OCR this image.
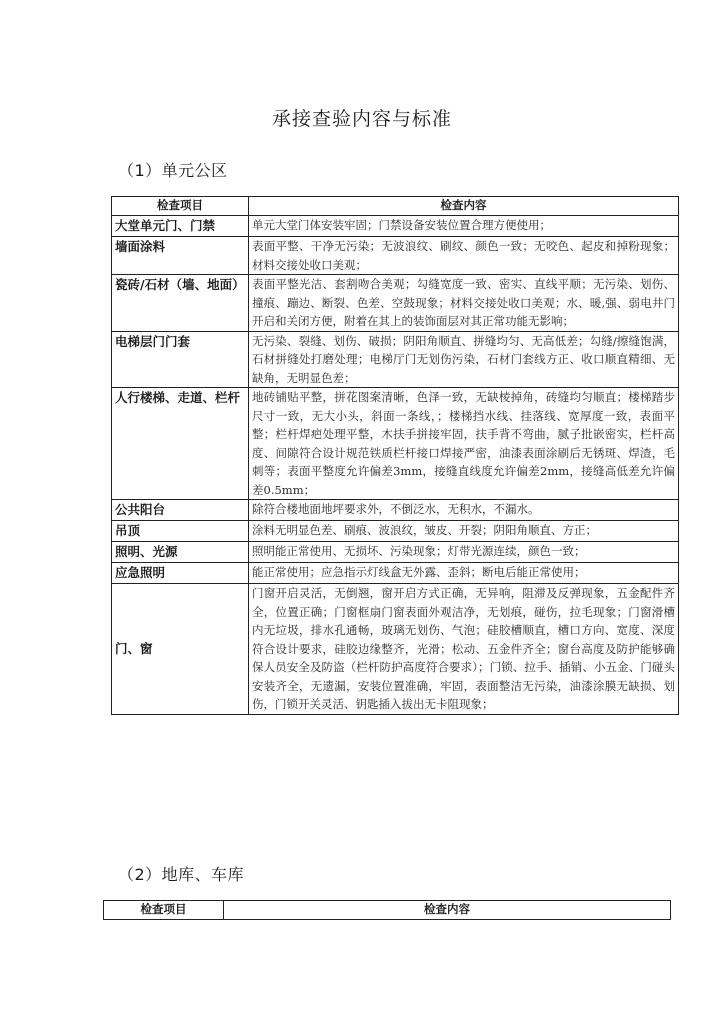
承接查验内容与标准
（1）单元公区
检查项目	检查内容
大堂单元门、门禁	单元大堂门体安装牢固；门禁设备安装位置合理方便使用；
墙面涂料	表面平整、干净无污染；无波浪纹、刷纹、颜色一致；无咬色、起皮和掉粉现象；材料交接处收口美观；
瓷砖/石材（墙、地面）	表面平整光洁、套割吻合美观；勾缝宽度一致、密实、直线平顺；无污染、划伤、撞痕、蹦边、断裂、色差、空鼓现象；材料交接处收口美观；水、暖,强、弱电井门开启和关闭方便，附着在其上的装饰面层对其正常功能无影响；
电梯层门门套	无污染、裂缝、划伤、破损；阴阳角顺直、拼缝均匀、无高低差；勾缝/擦缝饱满，石材拼缝处打磨处理；电梯厅门无划伤污染，石材门套线方正、收口顺直精细、无缺角，无明显色差；
人行楼梯、走道、栏杆	地砖铺贴平整，拼花图案清晰，色泽一致，无缺棱掉角，砖缝均匀顺直；楼梯踏步尺寸一致，无大小头，斜面一条线，；楼梯挡水线、挂落线、宽厚度一致，表面平整；栏杆焊疤处理平整，木扶手拼接牢固，扶手背不弯曲，腻子批嵌密实，栏杆高度、间隙符合设计规范铁质栏杆接口焊接严密，油漆表面涂刷后无锈斑、焊渣，毛刺等；表面平整度允许偏差3mm，接缝直线度允许偏差2mm，接缝高低差允许偏差0.5mm；
公共阳台	除符合楼地面地坪要求外，不倒泛水，无积水，不漏水。
吊顶	涂料无明显色差、刷痕、波浪纹，皱皮、开裂；阴阳角顺直、方正；
照明、光源	照明能正常使用、无损坏、污染现象；灯带光源连续，颜色一致；
应急照明	能正常使用；应急指示灯线盒无外露、歪斜；断电后能正常使用；
门、窗	门窗开启灵活，无倒翘，窗开启方式正确，无异响，阻滞及反弹现象，五金配件齐全，位置正确；门窗框扇门窗表面外观洁净，无划痕，碰伤，拉毛现象；门窗滑槽内无垃圾，排水孔通畅，玻璃无划伤、气泡；硅胶槽顺直，槽口方向、宽度、深度符合设计要求，硅胶边缘整齐，光滑；松动、五金件齐全；窗台高度及防护能够确保人员安全及防盗（栏杆防护高度符合要求）；门锁、拉手、插销、小五金、门碰头安装齐全，无遗漏，安装位置准确，牢固，表面整洁无污染，油漆涂膜无缺损、划伤，门锁开关灵活、钥匙插入拔出无卡阻现象；
（2）地库、车库
检查项目	检查内容
